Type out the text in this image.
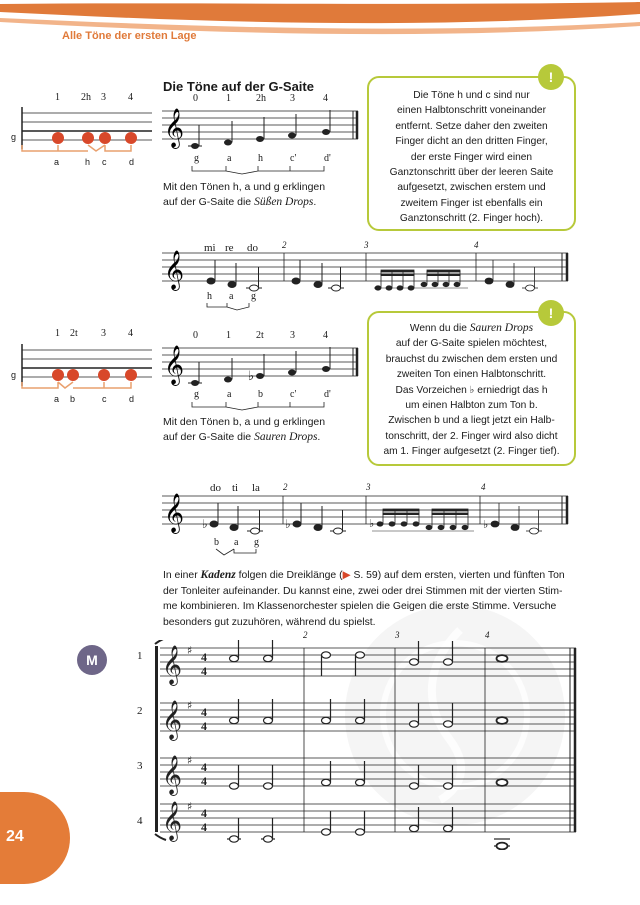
Alle Töne der ersten Lage
Die Töne auf der G-Saite
1 2h 3 4
g
a	h c	d
0	1	2h 3	4
𝄞
g	a	h	c'	d'
Mit den Tönen h, a und g erklingen
auf der G-Saite die Süßen Drops.
Die Töne h und c sind nur
einen Halbtonschritt voneinander
entfernt. Setze daher den zweiten
Finger dicht an den dritten Finger,
der erste Finger wird einen
Ganztonschritt über der leeren Saite
aufgesetzt, zwischen erstem und
zweitem Finger ist ebenfalls ein
Ganztonschritt (2. Finger hoch).
!
mi re do	2	3	4
𝄞
h a g
1 2t 3 4
g
a b	c	d
0	1	2t	3	4
𝄞	♭
g	a	b	c'	d'
Mit den Tönen b, a und g erklingen
auf der G-Saite die Sauren Drops.
Wenn du die Sauren Drops
auf der G-Saite spielen möchtest,
brauchst du zwischen dem ersten und
zweiten Ton einen Halbtonschritt.
Das Vorzeichen ♭ erniedrigt das h
um einen Halbton zum Ton b.
Zwischen b und a liegt jetzt ein Halb-
tonschritt, der 2. Finger wird also dicht
am 1. Finger aufgesetzt (2. Finger tief).
!
do ti la	2	3	4
𝄞 ♭	♭	♭	♭
b a g
In einer Kadenz folgen die Dreiklänge (▶ S. 59) auf dem ersten, vierten und fünften Ton
der Tonleiter aufeinander. Du kannst eine, zwei oder drei Stimmen mit der vierten Stim-
me kombinieren. Im Klassenorchester spielen die Geigen die erste Stimme. Versuche
besonders gut zuzuhören, während du spielst.
M	1
2
3
4
2	3	4
𝄞
𝄞
𝄞
𝄞
♯
♯
♯
♯
4
4
4
4
4
4
4
4
24
